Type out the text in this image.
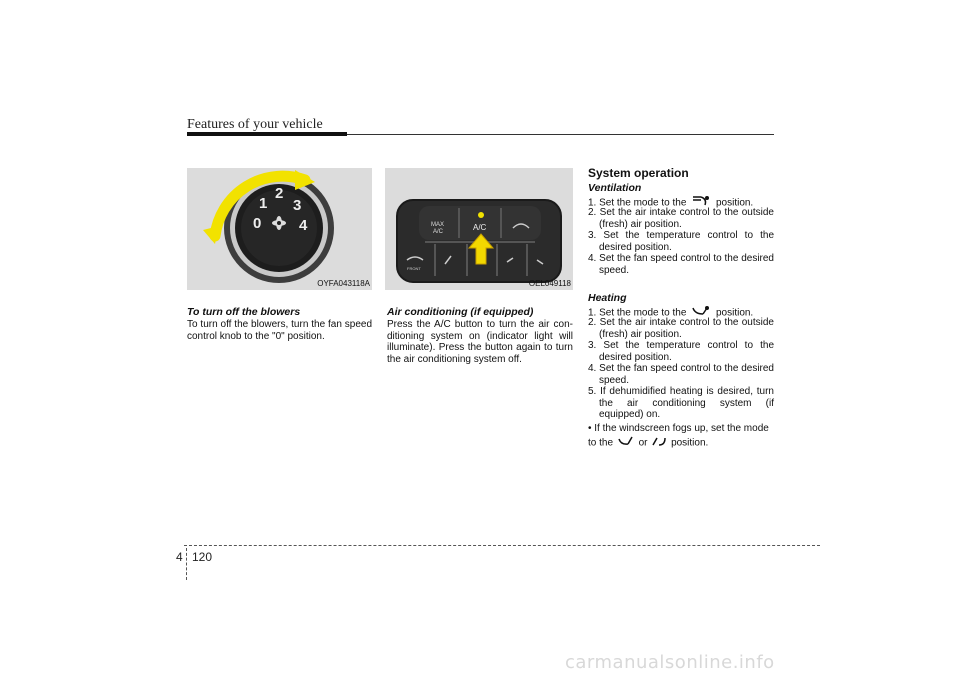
Features of your vehicle
0
1
2
3
4
OYFA043118A
To turn off the blowers
To turn off the blowers, turn the fan speed control knob to the "0" position.
MAX
A/C	A/C
FRONT
OEL049118
Air conditioning (if equipped)
Press the A/C button to turn the air con-ditioning system on (indicator light will illuminate). Press the button again to turn the air conditioning system off.
System operation
Ventilation
1. Set the mode to the	position.
2. Set the air intake control to the outside (fresh) air position.
3. Set the temperature control to the desired position.
4. Set the fan speed control to the desired speed.
Heating
1. Set the mode to the	position.
2. Set the air intake control to the outside (fresh) air position.
3. Set the temperature control to the desired position.
4. Set the fan speed control to the desired speed.
5. If dehumidified heating is desired, turn the air conditioning system (if equipped) on.
• If the windscreen fogs up, set the mode to the	or position.
4 120
carmanualsonline.info
